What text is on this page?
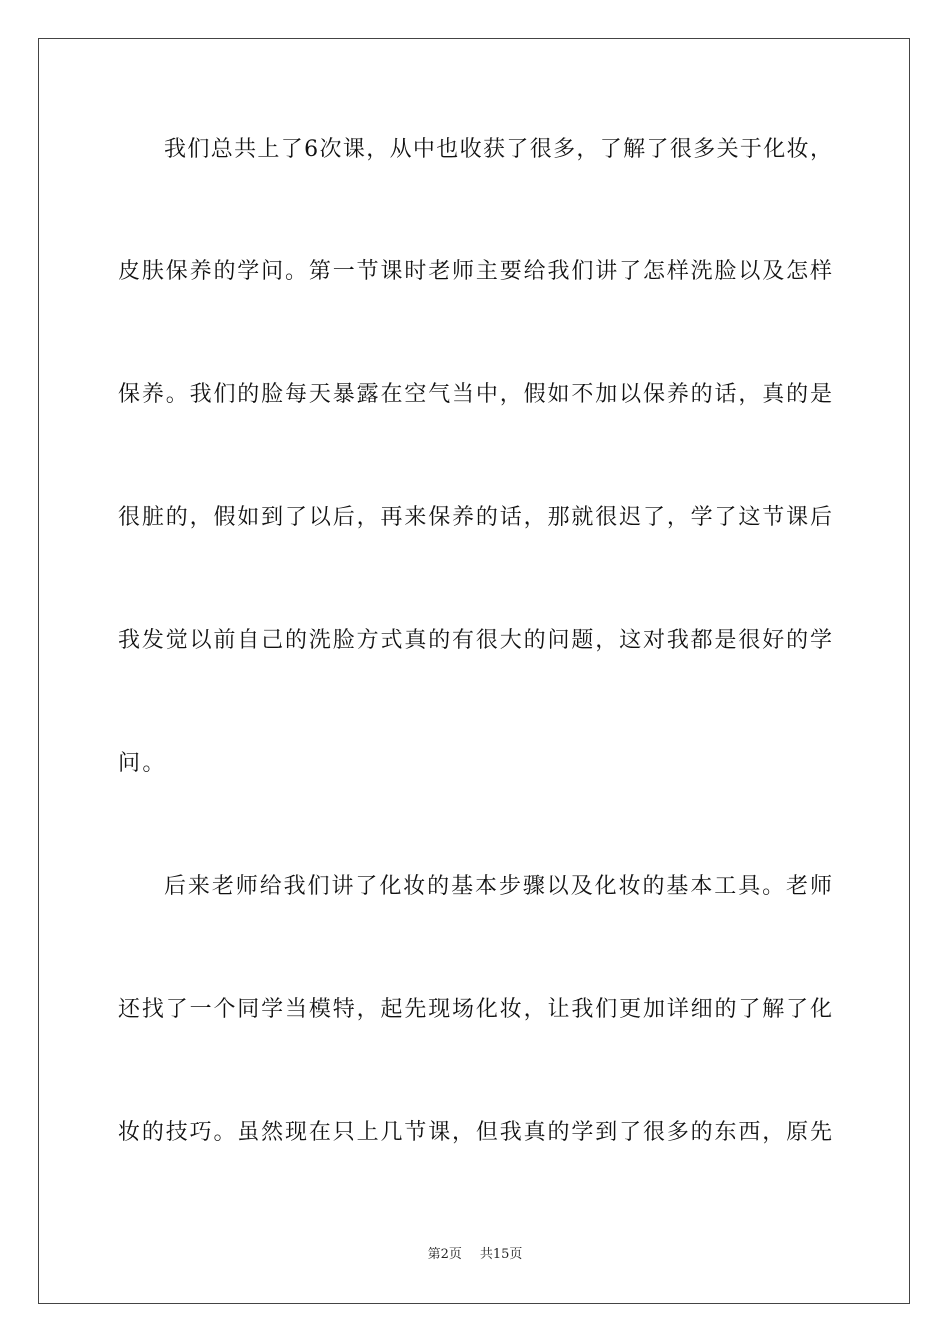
我们总共上了6次课，从中也收获了很多，了解了很多关于化妆，
皮肤保养的学问。第一节课时老师主要给我们讲了怎样洗脸以及怎样
保养。我们的脸每天暴露在空气当中，假如不加以保养的话，真的是
很脏的，假如到了以后，再来保养的话，那就很迟了，学了这节课后
我发觉以前自己的洗脸方式真的有很大的问题，这对我都是很好的学
问。
后来老师给我们讲了化妆的基本步骤以及化妆的基本工具。老师
还找了一个同学当模特，起先现场化妆，让我们更加详细的了解了化
妆的技巧。虽然现在只上几节课，但我真的学到了很多的东西，原先
第2页 共15页
